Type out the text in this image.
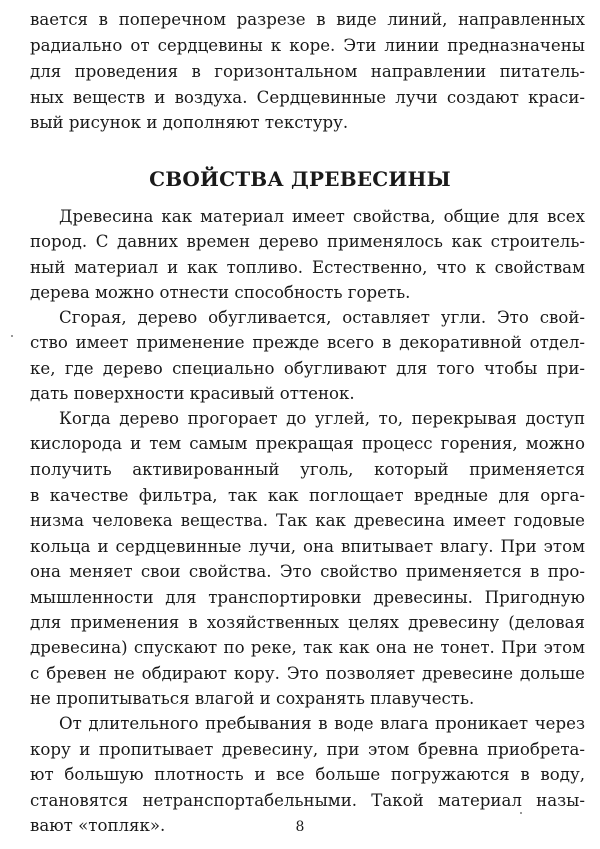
вается в поперечном разрезе в виде линий, направленных
радиально от сердцевины к коре. Эти линии предназначены
для проведения в горизонтальном направлении питатель-
ных веществ и воздуха. Сердцевинные лучи создают краси-
вый рисунок и дополняют текстуру.
СВОЙСТВА ДРЕВЕСИНЫ
Древесина как материал имеет свойства, общие для всех
пород. С давних времен дерево применялось как строитель-
ный материал и как топливо. Естественно, что к свойствам
дерева можно отнести способность гореть.
Сгорая, дерево обугливается, оставляет угли. Это свой-
ство имеет применение прежде всего в декоративной отдел-
ке, где дерево специально обугливают для того чтобы при-
дать поверхности красивый оттенок.
Когда дерево прогорает до углей, то, перекрывая доступ
кислорода и тем самым прекращая процесс горения, можно
получить активированный уголь, который применяется
в качестве фильтра, так как поглощает вредные для орга-
низма человека вещества. Так как древесина имеет годовые
кольца и сердцевинные лучи, она впитывает влагу. При этом
она меняет свои свойства. Это свойство применяется в про-
мышленности для транспортировки древесины. Пригодную
для применения в хозяйственных целях древесину (деловая
древесина) спускают по реке, так как она не тонет. При этом
с бревен не обдирают кору. Это позволяет древесине дольше
не пропитываться влагой и сохранять плавучесть.
От длительного пребывания в воде влага проникает через
кору и пропитывает древесину, при этом бревна приобрета-
ют большую плотность и все больше погружаются в воду,
становятся нетранспортабельными. Такой материал назы-
вают «топляк».	8
